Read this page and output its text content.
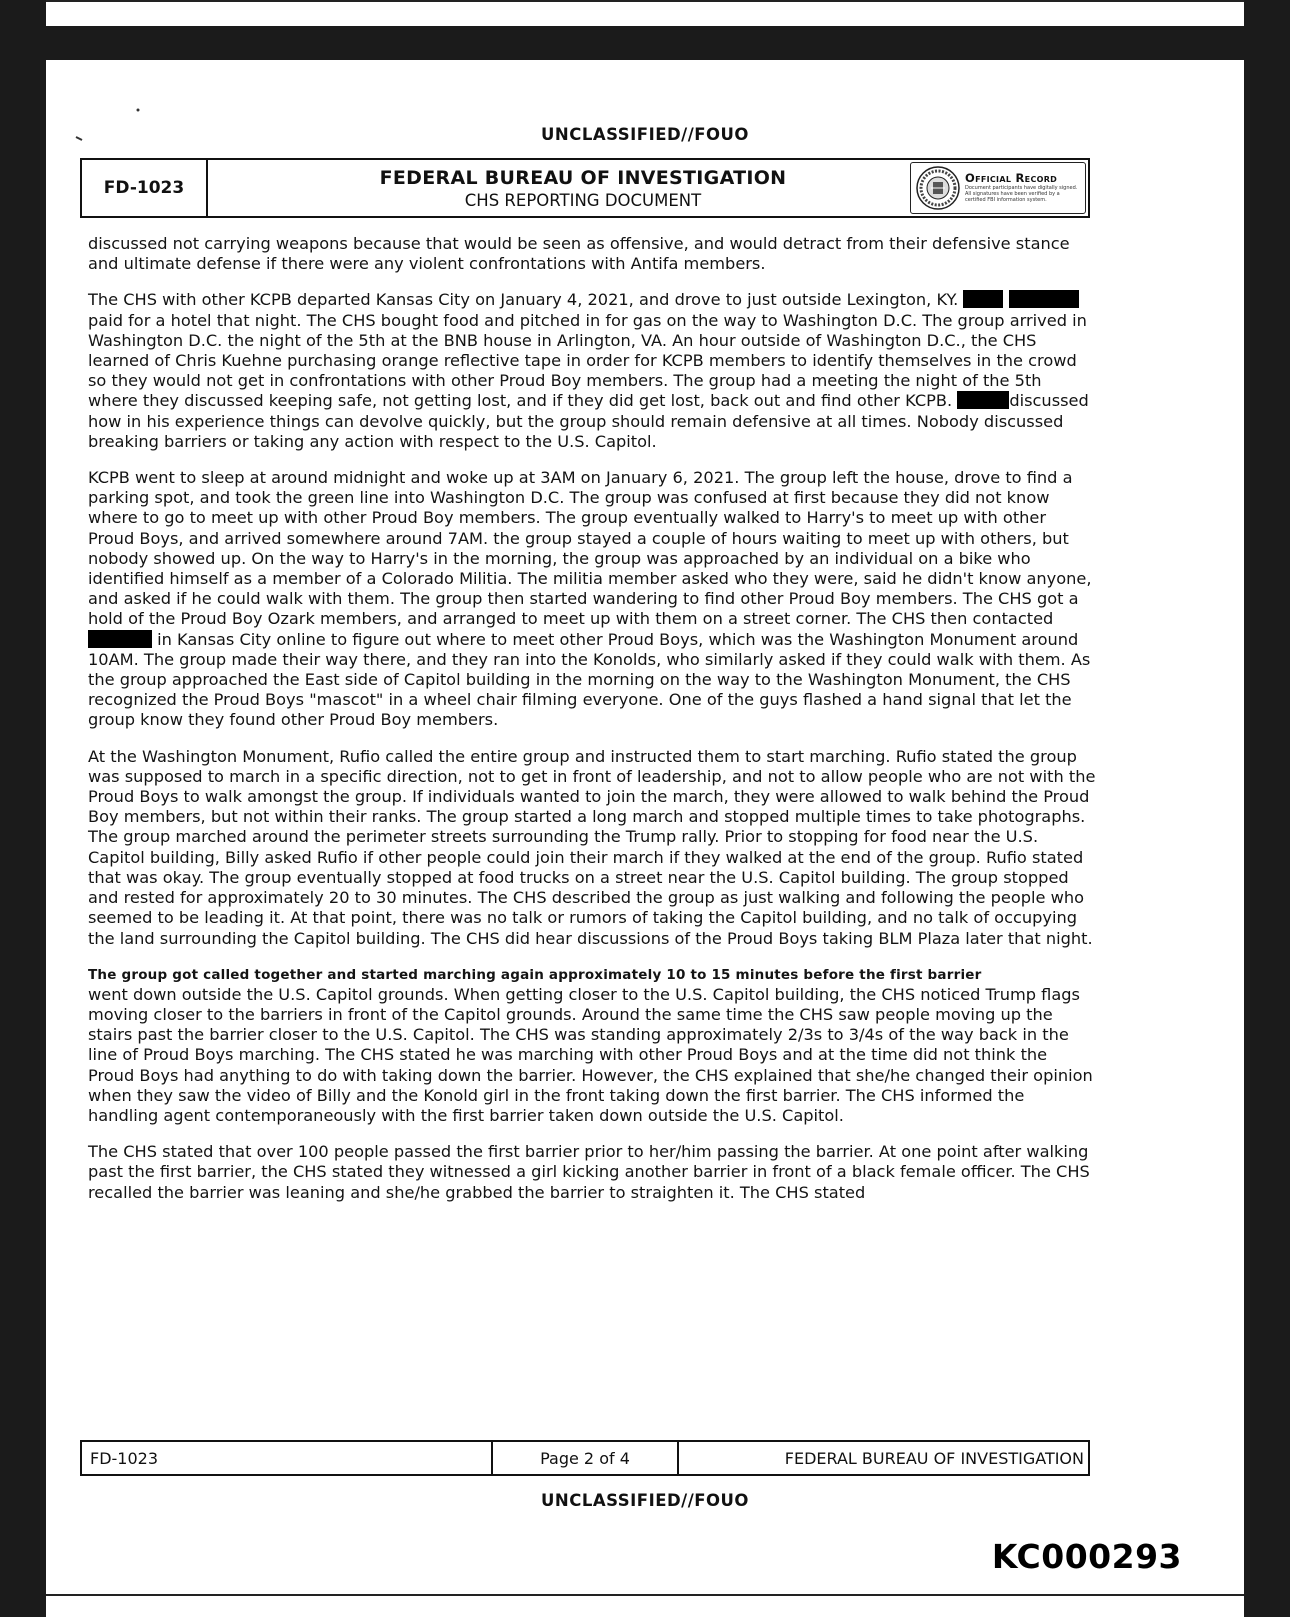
UNCLASSIFIED//FOUO
FD-1023	FEDERAL BUREAU OF INVESTIGATION
CHS REPORTING DOCUMENT
Official Record
Document participants have digitally signed. All signatures have been verified by a certified FBI information system.

discussed not carrying weapons because that would be seen as offensive, and would detract from their defensive stance and ultimate defense if there were any violent confrontations with Antifa members.

The CHS with other KCPB departed Kansas City on January 4, 2021, and drove to just outside Lexington, KY.  paid for a hotel that night. The CHS bought food and pitched in for gas on the way to Washington D.C. The group arrived in Washington D.C. the night of the 5th at the BNB house in Arlington, VA. An hour outside of Washington D.C., the CHS learned of Chris Kuehne purchasing orange reflective tape in order for KCPB members to identify themselves in the crowd so they would not get in confrontations with other Proud Boy members. The group had a meeting the night of the 5th where they discussed keeping safe, not getting lost, and if they did get lost, back out and find other KCPB.	discussed how in his experience things can devolve quickly, but the group should remain defensive at all times. Nobody discussed breaking barriers or taking any action with respect to the U.S. Capitol.

KCPB went to sleep at around midnight and woke up at 3AM on January 6, 2021. The group left the house, drove to find a parking spot, and took the green line into Washington D.C. The group was confused at first because they did not know where to go to meet up with other Proud Boy members. The group eventually walked to Harry's to meet up with other Proud Boys, and arrived somewhere around 7AM. the group stayed a couple of hours waiting to meet up with others, but nobody showed up. On the way to Harry's in the morning, the group was approached by an individual on a bike who identified himself as a member of a Colorado Militia. The militia member asked who they were, said he didn't know anyone, and asked if he could walk with them. The group then started wandering to find other Proud Boy members. The CHS got a hold of the Proud Boy Ozark members, and arranged to meet up with them on a street corner. The CHS then contacted in Kansas City online to figure out where to meet other Proud Boys, which was the Washington Monument around 10AM. The group made their way there, and they ran into the Konolds, who similarly asked if they could walk with them. As the group approached the East side of Capitol building in the morning on the way to the Washington Monument, the CHS recognized the Proud Boys "mascot" in a wheel chair filming everyone. One of the guys flashed a hand signal that let the group know they found other Proud Boy members.

At the Washington Monument, Rufio called the entire group and instructed them to start marching. Rufio stated the group was supposed to march in a specific direction, not to get in front of leadership, and not to allow people who are not with the Proud Boys to walk amongst the group. If individuals wanted to join the march, they were allowed to walk behind the Proud Boy members, but not within their ranks. The group started a long march and stopped multiple times to take photographs. The group marched around the perimeter streets surrounding the Trump rally. Prior to stopping for food near the U.S. Capitol building, Billy asked Rufio if other people could join their march if they walked at the end of the group. Rufio stated that was okay. The group eventually stopped at food trucks on a street near the U.S. Capitol building. The group stopped and rested for approximately 20 to 30 minutes. The CHS described the group as just walking and following the people who seemed to be leading it. At that point, there was no talk or rumors of taking the Capitol building, and no talk of occupying the land surrounding the Capitol building. The CHS did hear discussions of the Proud Boys taking BLM Plaza later that night.

The group got called together and started marching again approximately 10 to 15 minutes before the first barrier
went down outside the U.S. Capitol grounds. When getting closer to the U.S. Capitol building, the CHS noticed Trump flags moving closer to the barriers in front of the Capitol grounds. Around the same time the CHS saw people moving up the stairs past the barrier closer to the U.S. Capitol. The CHS was standing approximately 2/3s to 3/4s of the way back in the line of Proud Boys marching. The CHS stated he was marching with other Proud Boys and at the time did not think the Proud Boys had anything to do with taking down the barrier. However, the CHS explained that she/he changed their opinion when they saw the video of Billy and the Konold girl in the front taking down the first barrier. The CHS informed the handling agent contemporaneously with the first barrier taken down outside the U.S. Capitol.

The CHS stated that over 100 people passed the first barrier prior to her/him passing the barrier. At one point after walking past the first barrier, the CHS stated they witnessed a girl kicking another barrier in front of a black female officer. The CHS recalled the barrier was leaning and she/he grabbed the barrier to straighten it. The CHS stated

FD-1023	Page 2 of 4	FEDERAL BUREAU OF INVESTIGATION
UNCLASSIFIED//FOUO
KC000293
